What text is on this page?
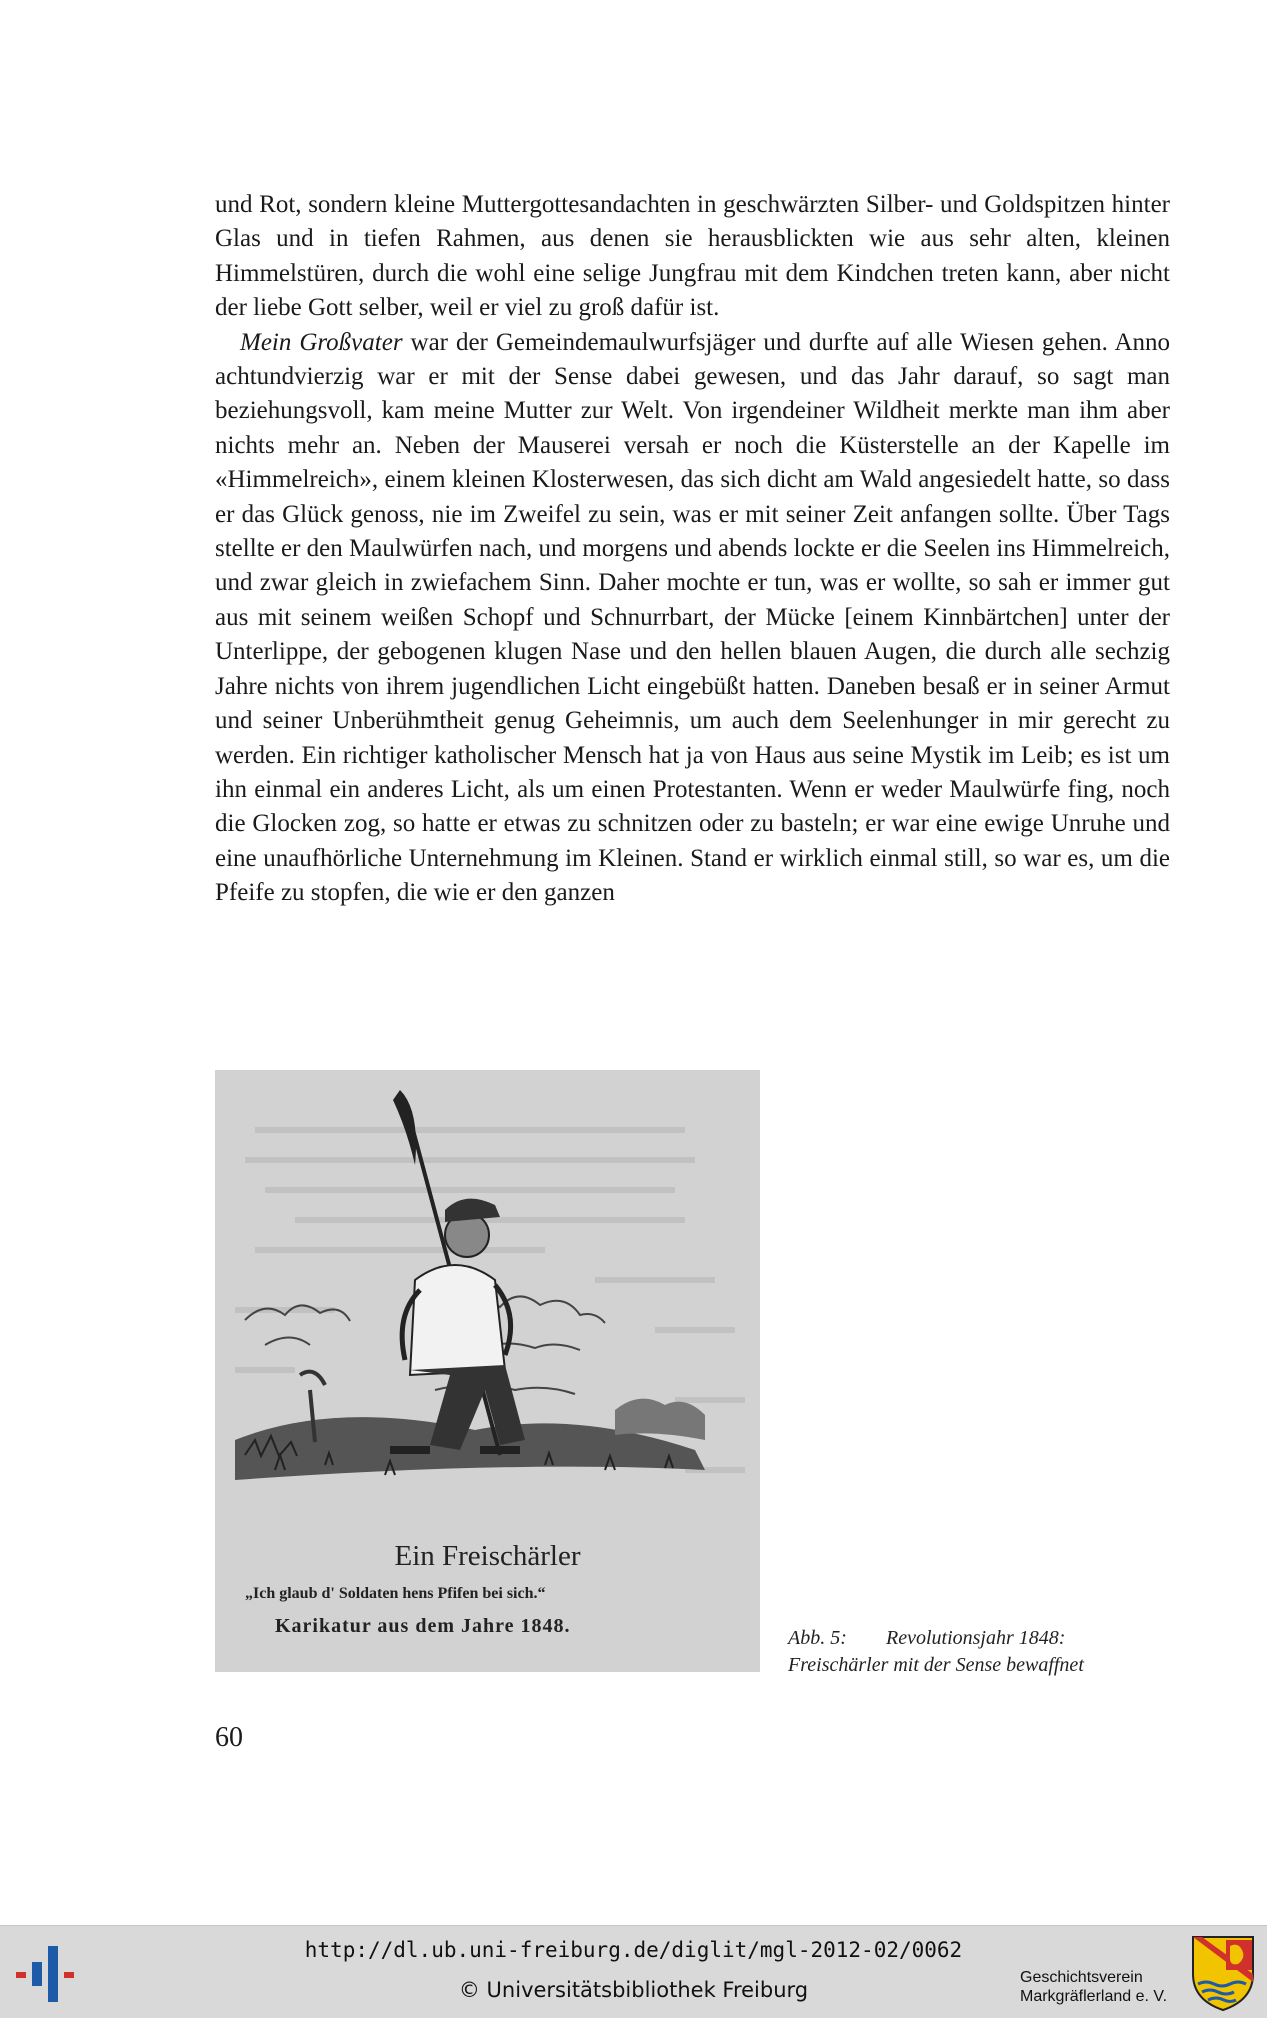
und Rot, sondern kleine Muttergottesandachten in geschwärzten Silber- und Goldspitzen hinter Glas und in tiefen Rahmen, aus denen sie herausblickten wie aus sehr alten, kleinen Himmelstüren, durch die wohl eine selige Jungfrau mit dem Kindchen treten kann, aber nicht der liebe Gott selber, weil er viel zu groß dafür ist.

Mein Großvater war der Gemeindemaulwurfsjäger und durfte auf alle Wiesen gehen. Anno achtundvierzig war er mit der Sense dabei gewesen, und das Jahr darauf, so sagt man beziehungsvoll, kam meine Mutter zur Welt. Von irgendeiner Wildheit merkte man ihm aber nichts mehr an. Neben der Mauserei versah er noch die Küsterstelle an der Kapelle im «Himmelreich», einem kleinen Klosterwesen, das sich dicht am Wald angesiedelt hatte, so dass er das Glück genoss, nie im Zweifel zu sein, was er mit seiner Zeit anfangen sollte. Über Tags stellte er den Maulwürfen nach, und morgens und abends lockte er die Seelen ins Himmelreich, und zwar gleich in zwiefachem Sinn. Daher mochte er tun, was er wollte, so sah er immer gut aus mit seinem weißen Schopf und Schnurrbart, der Mücke [einem Kinnbärtchen] unter der Unterlippe, der gebogenen klugen Nase und den hellen blauen Augen, die durch alle sechzig Jahre nichts von ihrem jugendlichen Licht eingebüßt hatten. Daneben besaß er in seiner Armut und seiner Unberühmtheit genug Geheimnis, um auch dem Seelenhunger in mir gerecht zu werden. Ein richtiger katholischer Mensch hat ja von Haus aus seine Mystik im Leib; es ist um ihn einmal ein anderes Licht, als um einen Protestanten. Wenn er weder Maulwürfe fing, noch die Glocken zog, so hatte er etwas zu schnitzen oder zu basteln; er war eine ewige Unruhe und eine unaufhörliche Unternehmung im Kleinen. Stand er wirklich einmal still, so war es, um die Pfeife zu stopfen, die wie er den ganzen

Ein Freischärler
„Ich glaub d' Soldaten hens Pfifen bei sich.“
Karikatur aus dem Jahre 1848.
Abb. 5: Revolutionsjahr 1848: Freischärler mit der Sense bewaffnet
60
http://dl.ub.uni-freiburg.de/diglit/mgl-2012-02/0062
© Universitätsbibliothek Freiburg
Geschichtsverein
Markgräflerland e. V.
